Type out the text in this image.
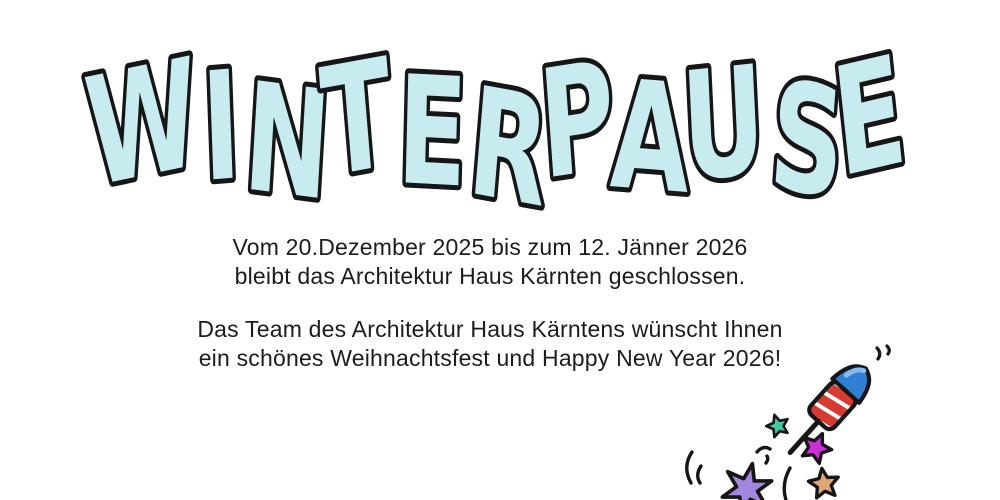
WINTERPAUSE

Vom 20.Dezember 2025 bis zum 12. Jänner 2026
bleibt das Architektur Haus Kärnten geschlossen.

Das Team des Architektur Haus Kärntens wünscht Ihnen
ein schönes Weihnachtsfest und Happy New Year 2026!
